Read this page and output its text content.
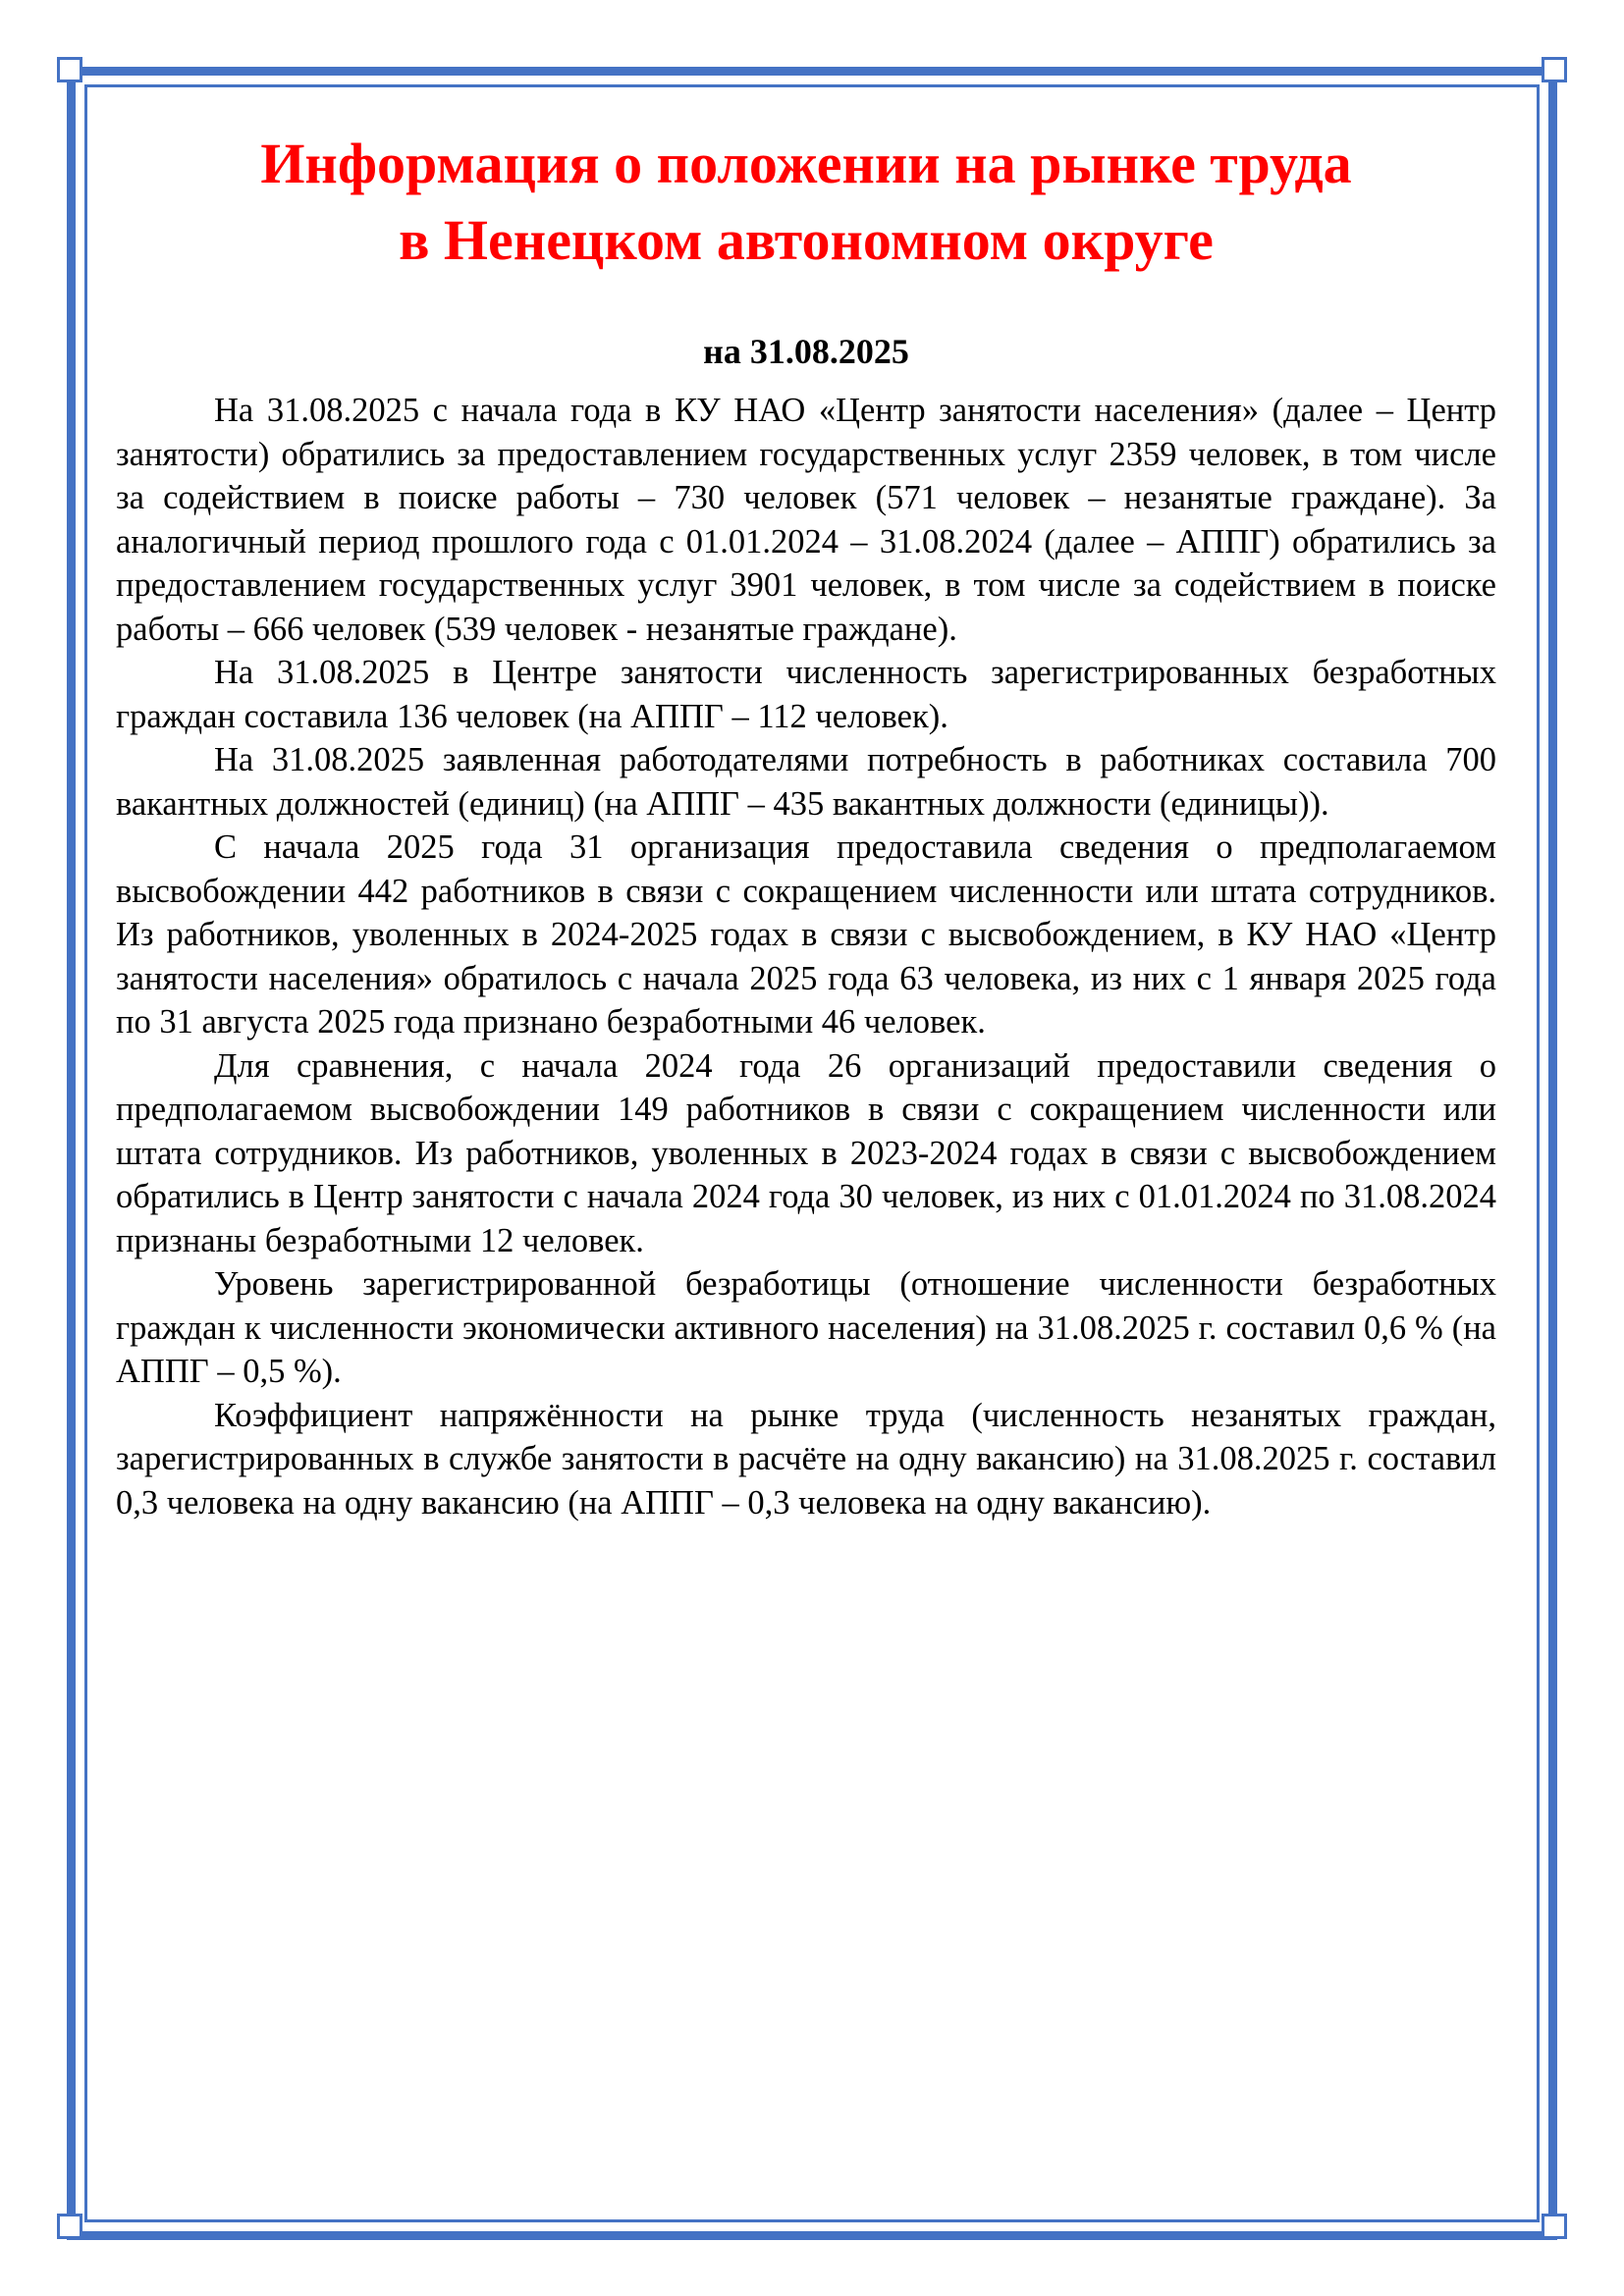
Информация о положении на рынке труда
в Ненецком автономном округе
на 31.08.2025

На 31.08.2025 с начала года в КУ НАО «Центр занятости населения» (далее – Центр занятости) обратились за предоставлением государственных услуг 2359 человек, в том числе за содействием в поиске работы – 730 человек (571 человек – незанятые граждане). За аналогичный период прошлого года с 01.01.2024 – 31.08.2024 (далее – АППГ) обратились за предоставлением государственных услуг 3901 человек, в том числе за содействием в поиске работы – 666 человек (539 человек - незанятые граждане).

На 31.08.2025 в Центре занятости численность зарегистрированных безработных граждан составила 136 человек (на АППГ – 112 человек).

На 31.08.2025 заявленная работодателями потребность в работниках составила 700 вакантных должностей (единиц) (на АППГ – 435 вакантных должности (единицы)).

С начала 2025 года 31 организация предоставила сведения о предполагаемом высвобождении 442 работников в связи с сокращением численности или штата сотрудников. Из работников, уволенных в 2024-2025 годах в связи с высвобождением, в КУ НАО «Центр занятости населения» обратилось с начала 2025 года 63 человека, из них с 1 января 2025 года по 31 августа 2025 года признано безработными 46 человек.

Для сравнения, с начала 2024 года 26 организаций предоставили сведения о предполагаемом высвобождении 149 работников в связи с сокращением численности или штата сотрудников. Из работников, уволенных в 2023-2024 годах в связи с высвобождением обратились в Центр занятости с начала 2024 года 30 человек, из них с 01.01.2024 по 31.08.2024 признаны безработными 12 человек.

Уровень зарегистрированной безработицы (отношение численности безработных граждан к численности экономически активного населения) на 31.08.2025 г. составил 0,6 % (на АППГ – 0,5 %).

Коэффициент напряжённости на рынке труда (численность незанятых граждан, зарегистрированных в службе занятости в расчёте на одну вакансию) на 31.08.2025 г. составил 0,3 человека на одну вакансию (на АППГ – 0,3 человека на одну вакансию).
